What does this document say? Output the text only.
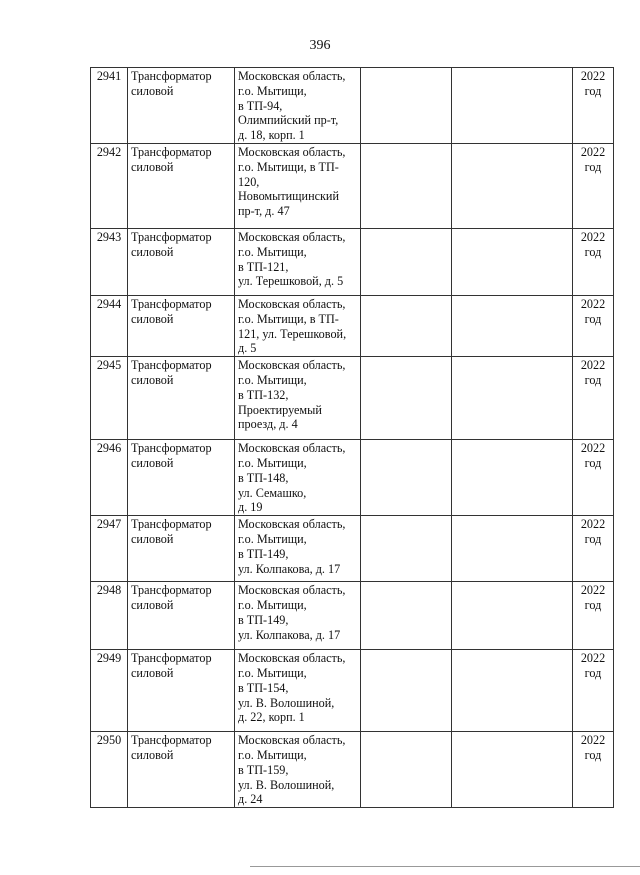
396
2941	Трансформатор
силовой	Московская область,
г.о. Мытищи,
в ТП-94,
Олимпийский пр-т,
д. 18, корп. 1			2022
год
2942	Трансформатор
силовой	Московская область,
г.о. Мытищи, в ТП-
120,
Новомытищинский
пр-т, д. 47			2022
год
2943	Трансформатор
силовой	Московская область,
г.о. Мытищи,
в ТП-121,
ул. Терешковой, д. 5			2022
год
2944	Трансформатор
силовой	Московская область,
г.о. Мытищи, в ТП-
121, ул. Терешковой,
д. 5			2022
год
2945	Трансформатор
силовой	Московская область,
г.о. Мытищи,
в ТП-132,
Проектируемый
проезд, д. 4			2022
год
2946	Трансформатор
силовой	Московская область,
г.о. Мытищи,
в ТП-148,
ул. Семашко,
д. 19			2022
год
2947	Трансформатор
силовой	Московская область,
г.о. Мытищи,
в ТП-149,
ул. Колпакова, д. 17			2022
год
2948	Трансформатор
силовой	Московская область,
г.о. Мытищи,
в ТП-149,
ул. Колпакова, д. 17			2022
год
2949	Трансформатор
силовой	Московская область,
г.о. Мытищи,
в ТП-154,
ул. В. Волошиной,
д. 22, корп. 1			2022
год
2950	Трансформатор
силовой	Московская область,
г.о. Мытищи,
в ТП-159,
ул. В. Волошиной,
д. 24			2022
год
